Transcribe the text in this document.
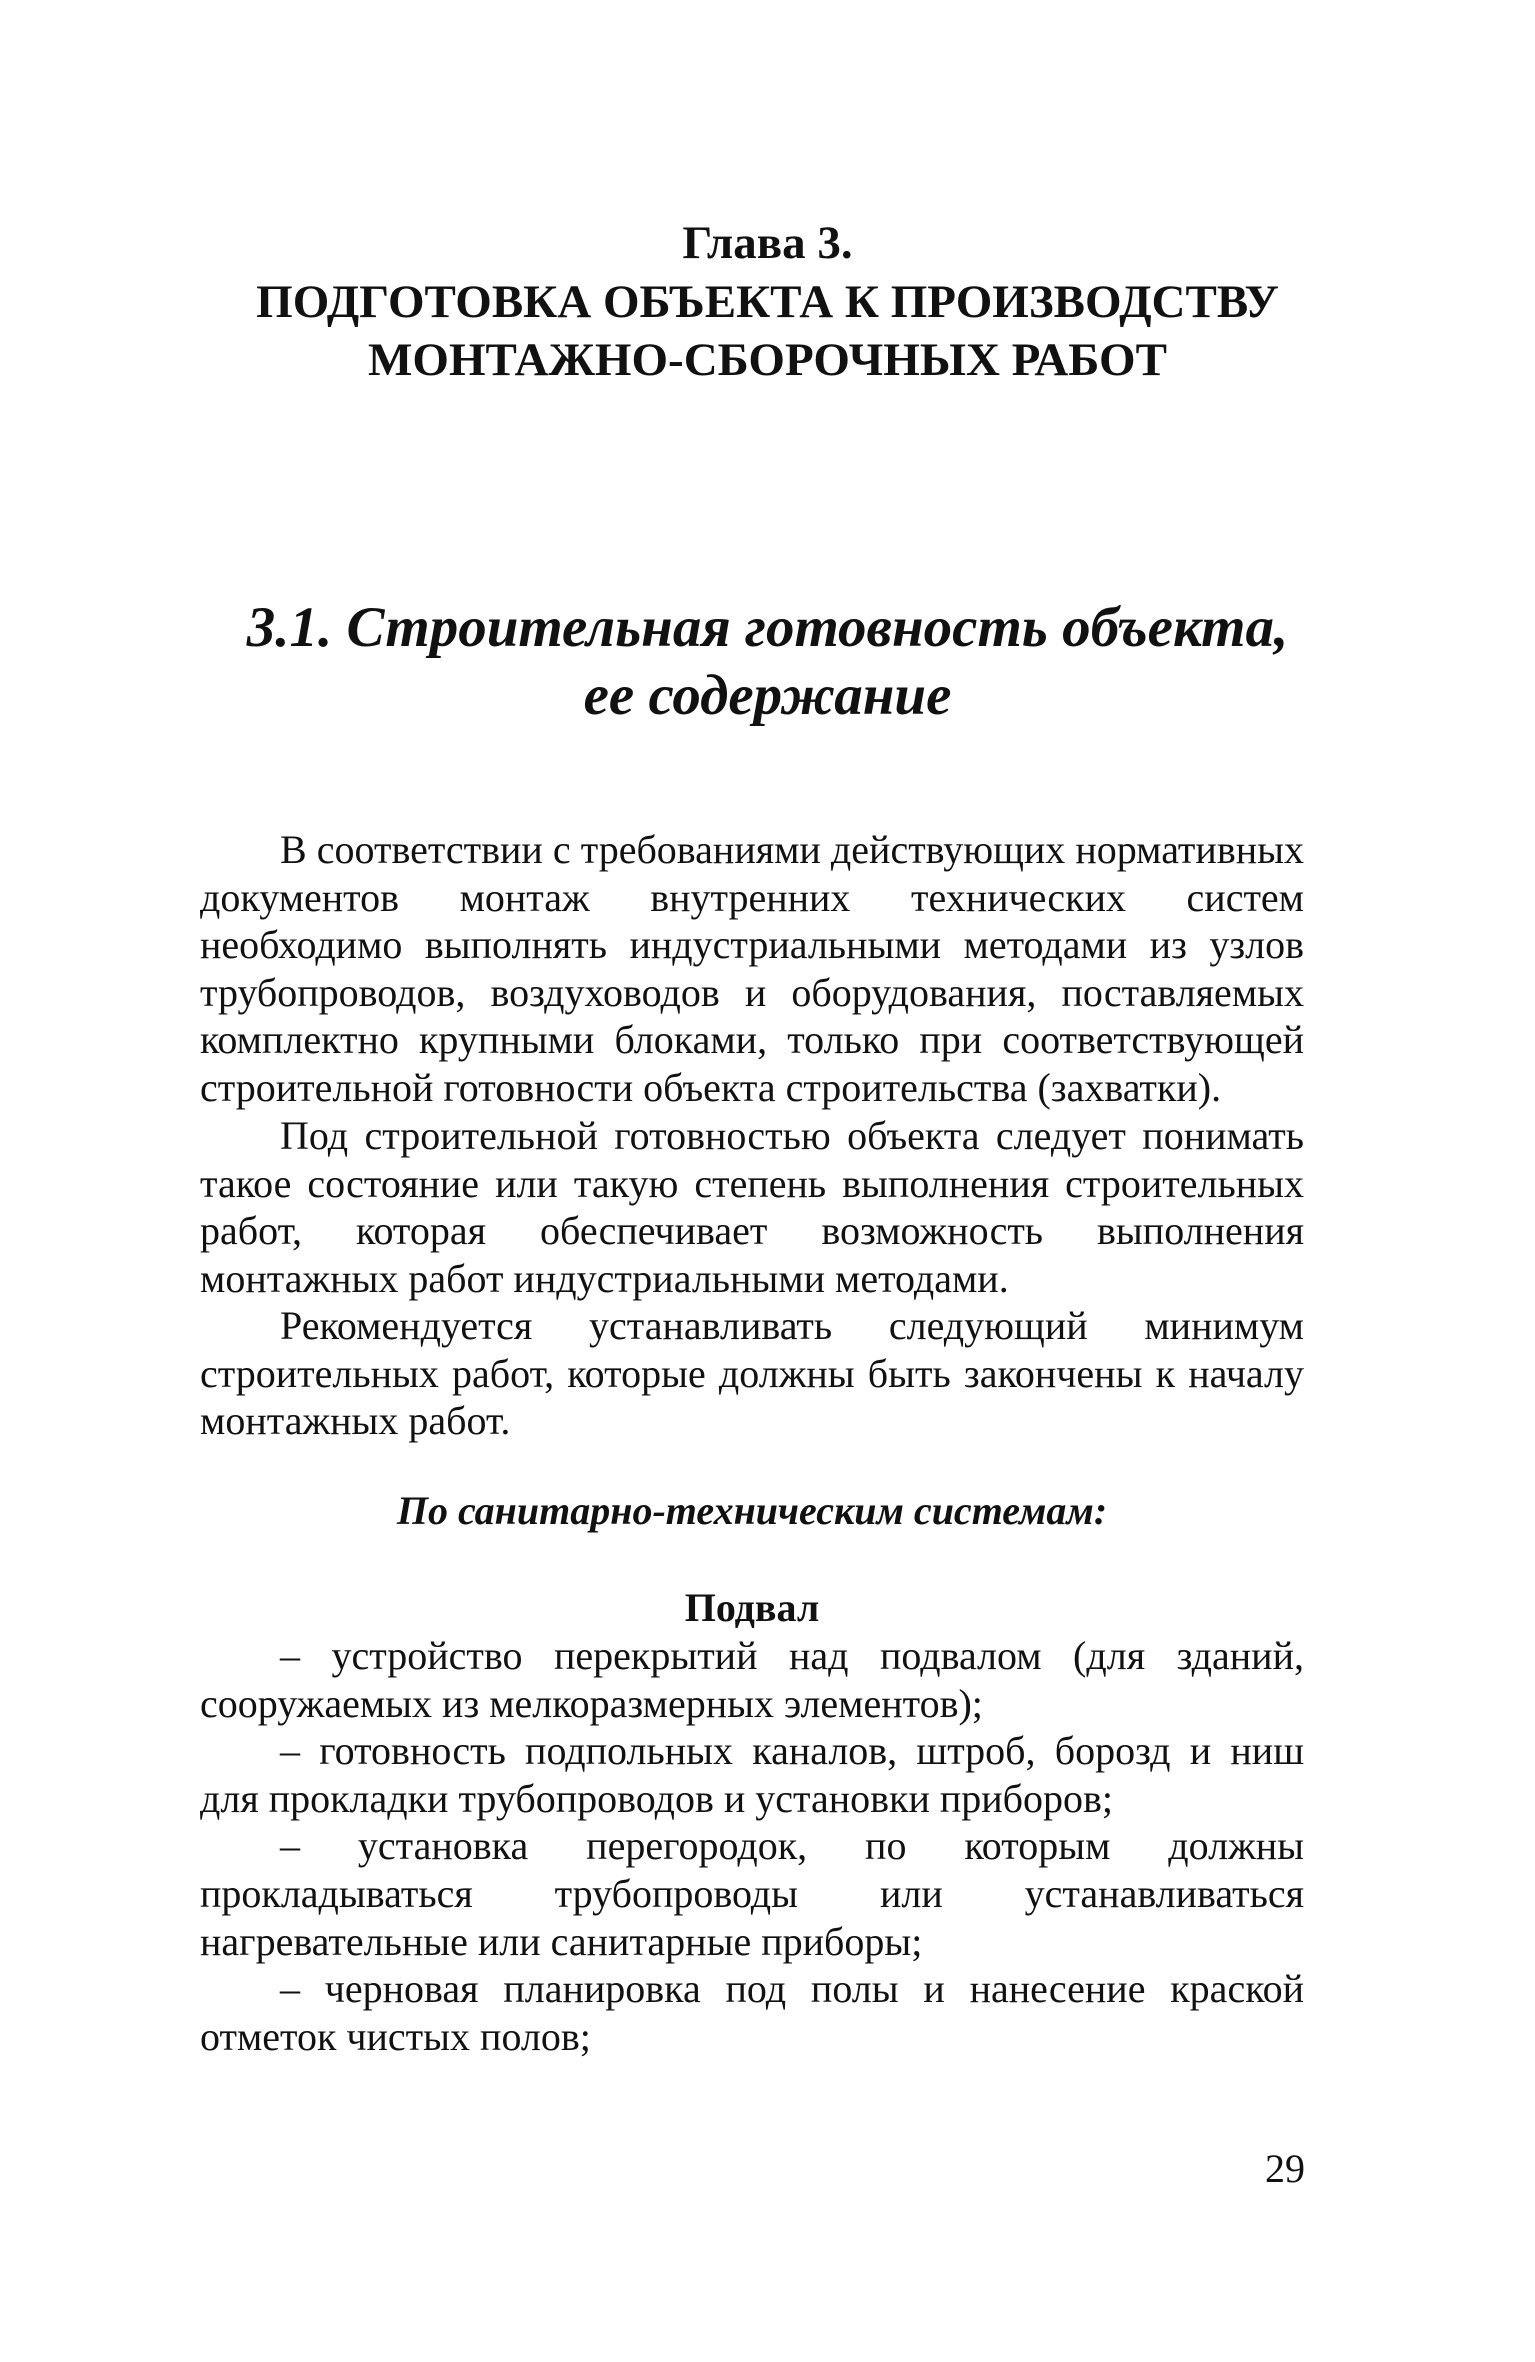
Глава 3.
ПОДГОТОВКА ОБЪЕКТА К ПРОИЗВОДСТВУ
МОНТАЖНО-СБОРОЧНЫХ РАБОТ
3.1. Строительная готовность объекта,
ее содержание

В соответствии с требованиями действующих нормативных документов монтаж внутренних технических систем необходимо выполнять индустриальными методами из узлов трубопроводов, воздуховодов и оборудования, поставляемых комплектно крупными блоками, только при соответствующей строительной готовности объекта строительства (захватки).

Под строительной готовностью объекта следует понимать такое состояние или такую степень выполнения строительных работ, которая обеспечивает возможность выполнения монтажных работ индустриальными методами.

Рекомендуется устанавливать следующий минимум строительных работ, которые должны быть закончены к началу монтажных работ.

По санитарно-техническим системам:
Подвал
– устройство перекрытий над подвалом (для зданий, сооружаемых из мелкоразмерных элементов);
– готовность подпольных каналов, штроб, борозд и ниш для прокладки трубопроводов и установки приборов;
– установка перегородок, по которым должны прокладываться трубопроводы или устанавливаться нагревательные или санитарные приборы;
– черновая планировка под полы и нанесение краской отметок чистых полов;

29
